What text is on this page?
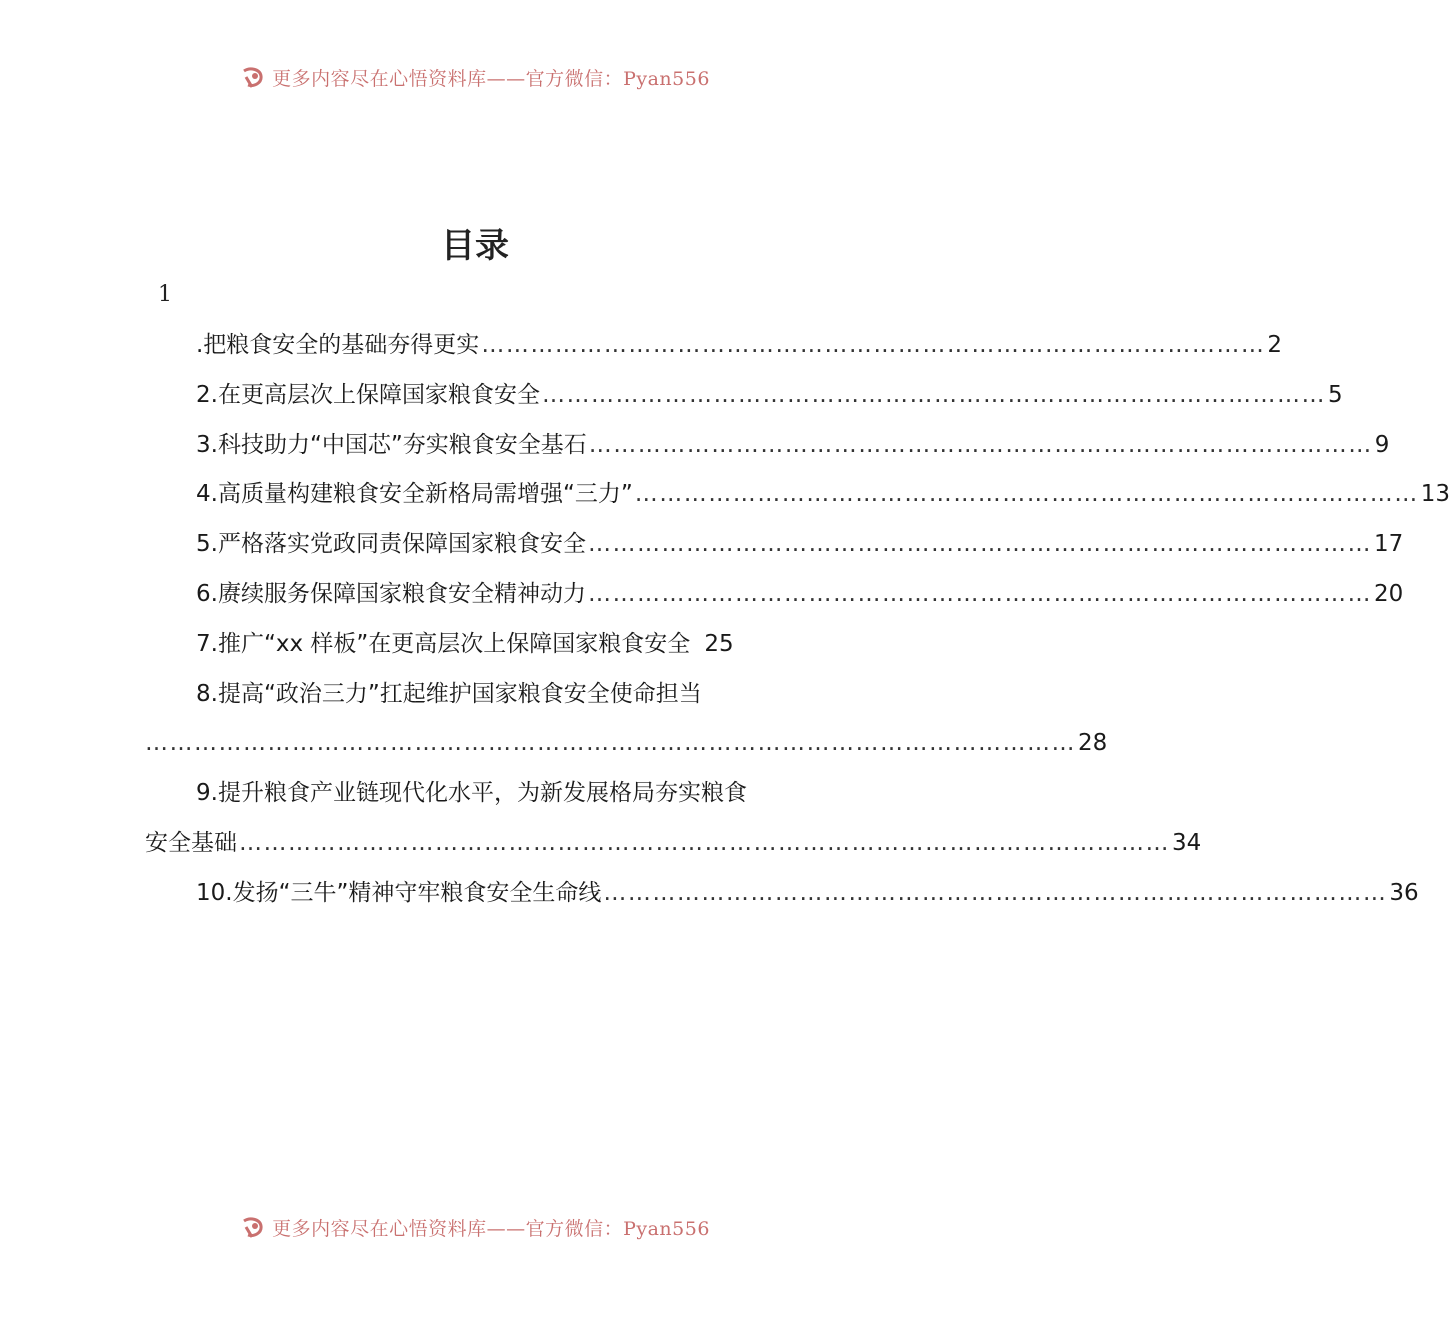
更多内容尽在心悟资料库——官方微信：Pyan556
目录
1
.把粮食安全的基础夯得更实 …………………………………………………………………………………… 2
2.在更高层次上保障国家粮食安全 …………………………………………………………………………………… 5
3.科技助力“中国芯”夯实粮食安全基石 …………………………………………………………………………………… 9
4.高质量构建粮食安全新格局需增强“三力” …………………………………………………………………………………… 13
5.严格落实党政同责保障国家粮食安全 …………………………………………………………………………………… 17
6.赓续服务保障国家粮食安全精神动力 …………………………………………………………………………………… 20
7.推广“xx 样板”在更高层次上保障国家粮食安全 25
8.提高“政治三力”扛起维护国家粮食安全使命担当
…………………………………………………………………………………………………… 28
9.提升粮食产业链现代化水平，为新发展格局夯实粮食
安全基础 …………………………………………………………………………………………………… 34
10.发扬“三牛”精神守牢粮食安全生命线 …………………………………………………………………………………… 36
更多内容尽在心悟资料库——官方微信：Pyan556
